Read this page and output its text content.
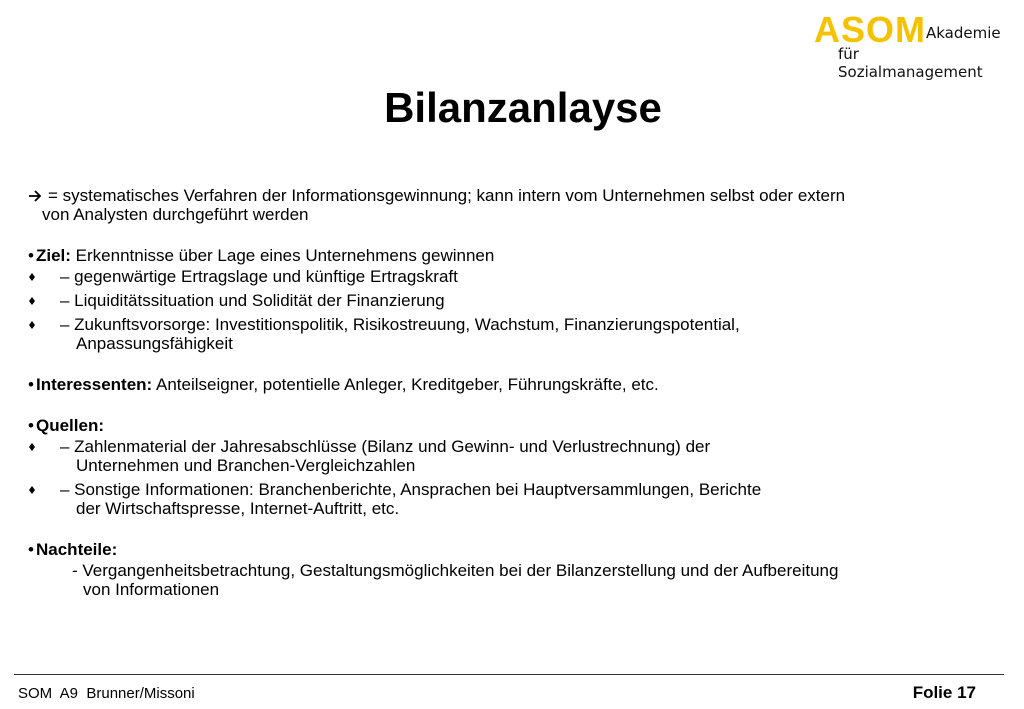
ASOM Akademie
für Sozialmanagement
Bilanzanlayse
= systematisches Verfahren der Informationsgewinnung; kann intern vom Unternehmen selbst oder extern
von Analysten durchgeführt werden
• Ziel: Erkenntnisse über Lage eines Unternehmens gewinnen
– gegenwärtige Ertragslage und künftige Ertragskraft
– Liquiditätssituation und Solidität der Finanzierung
– Zukunftsvorsorge: Investitionspolitik, Risikostreuung, Wachstum, Finanzierungspotential,
Anpassungsfähigkeit
• Interessenten: Anteilseigner, potentielle Anleger, Kreditgeber, Führungskräfte, etc.
• Quellen:
– Zahlenmaterial der Jahresabschlüsse (Bilanz und Gewinn- und Verlustrechnung) der
Unternehmen und Branchen-Vergleichzahlen
– Sonstige Informationen: Branchenberichte, Ansprachen bei Hauptversammlungen, Berichte
der Wirtschaftspresse, Internet-Auftritt, etc.
• Nachteile:
- Vergangenheitsbetrachtung, Gestaltungsmöglichkeiten bei der Bilanzerstellung und der Aufbereitung
von Informationen
SOM  A9  Brunner/Missoni	Folie 17
